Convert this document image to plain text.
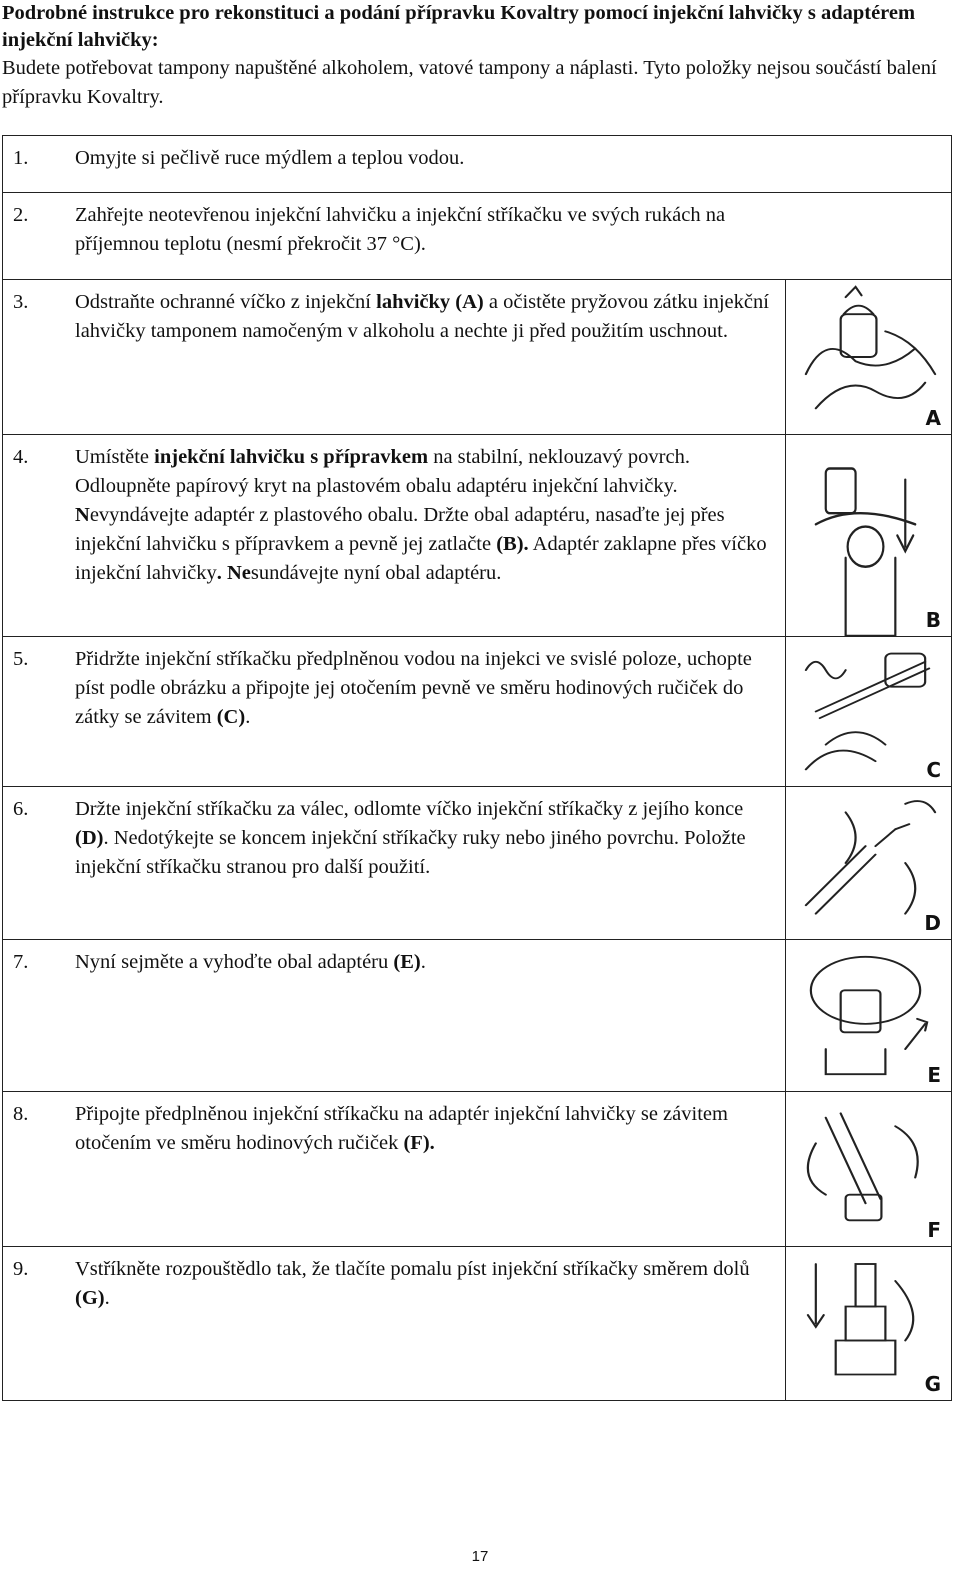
Podrobné instrukce pro rekonstituci a podání přípravku Kovaltry pomocí injekční lahvičky s adaptérem injekční lahvičky:
Budete potřebovat tampony napuštěné alkoholem, vatové tampony a náplasti. Tyto položky nejsou součástí balení přípravku Kovaltry.
1. Omyjte si pečlivě ruce mýdlem a teplou vodou.
2. Zahřejte neotevřenou injekční lahvičku a injekční stříkačku ve svých rukách na příjemnou teplotu (nesmí překročit 37 °C).
3. Odstraňte ochranné víčko z injekční lahvičky (A) a očistěte pryžovou zátku injekční lahvičky tamponem namočeným v alkoholu a nechte ji před použitím uschnout.
A
4. Umístěte injekční lahvičku s přípravkem na stabilní, neklouzavý povrch. Odloupněte papírový kryt na plastovém obalu adaptéru injekční lahvičky. Nevyndávejte adaptér z plastového obalu. Držte obal adaptéru, nasaďte jej přes injekční lahvičku s přípravkem a pevně jej zatlačte (B). Adaptér zaklapne přes víčko injekční lahvičky. Nesundávejte nyní obal adaptéru.
B
5. Přidržte injekční stříkačku předplněnou vodou na injekci ve svislé poloze, uchopte píst podle obrázku a připojte jej otočením pevně ve směru hodinových ručiček do zátky se závitem (C).
C
6. Držte injekční stříkačku za válec, odlomte víčko injekční stříkačky z jejího konce (D). Nedotýkejte se koncem injekční stříkačky ruky nebo jiného povrchu. Položte injekční stříkačku stranou pro další použití.
D
7. Nyní sejměte a vyhoďte obal adaptéru (E).
E
8. Připojte předplněnou injekční stříkačku na adaptér injekční lahvičky se závitem otočením ve směru hodinových ručiček (F).
F
9. Vstříkněte rozpouštědlo tak, že tlačíte pomalu píst injekční stříkačky směrem dolů (G).
G
17
